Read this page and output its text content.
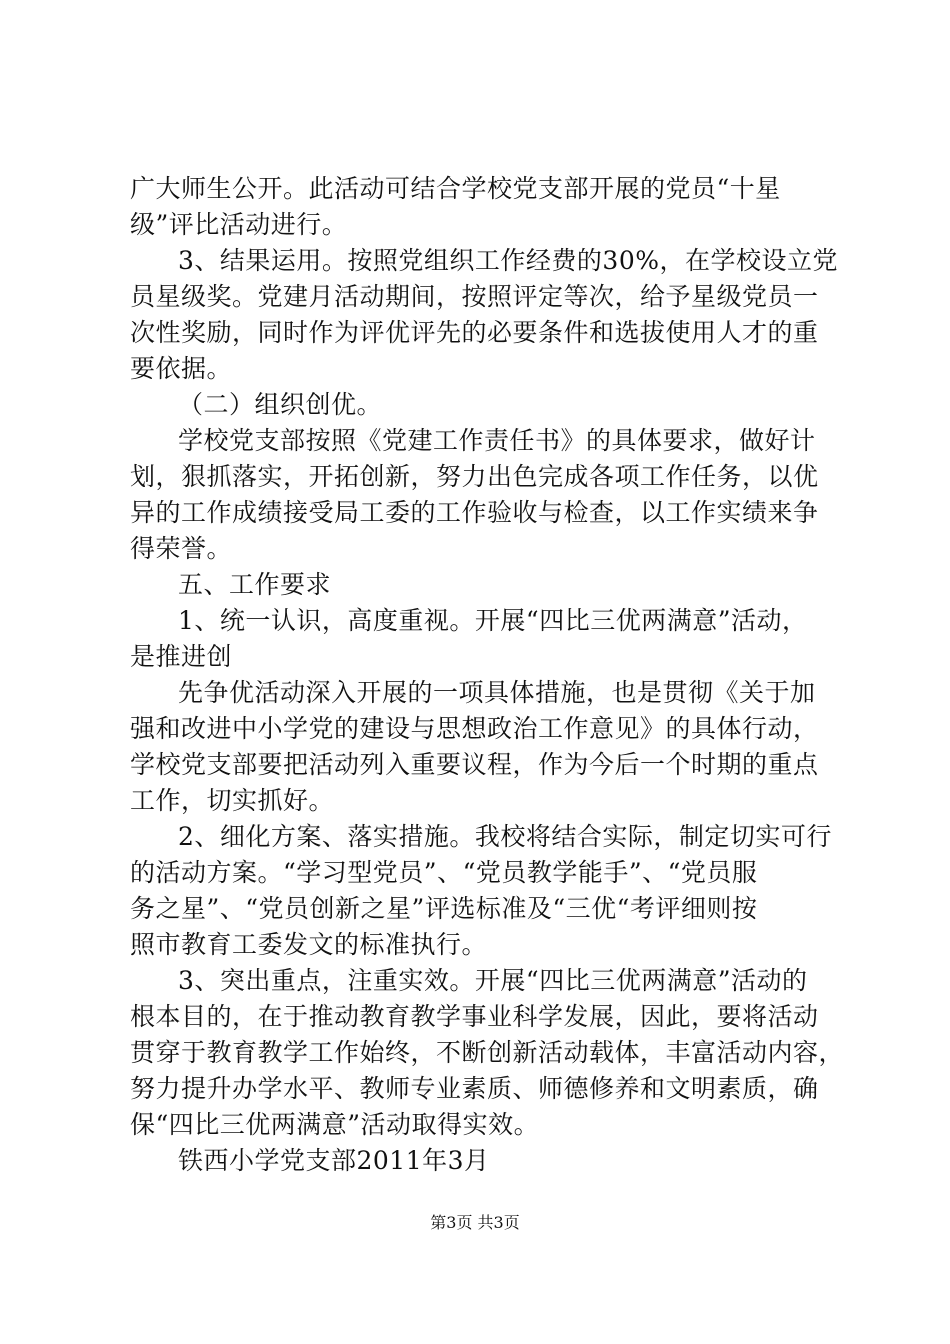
广大师生公开。此活动可结合学校党支部开展的党员“十星
级”评比活动进行。
3、结果运用。按照党组织工作经费的30%，在学校设立党
员星级奖。党建月活动期间，按照评定等次，给予星级党员一
次性奖励，同时作为评优评先的必要条件和选拔使用人才的重
要依据。
（二）组织创优。
学校党支部按照《党建工作责任书》的具体要求，做好计
划，狠抓落实，开拓创新，努力出色完成各项工作任务，以优
异的工作成绩接受局工委的工作验收与检查，以工作实绩来争
得荣誉。
五、工作要求
1、统一认识，高度重视。开展“四比三优两满意”活动，
是推进创
先争优活动深入开展的一项具体措施，也是贯彻《关于加
强和改进中小学党的建设与思想政治工作意见》的具体行动，
学校党支部要把活动列入重要议程，作为今后一个时期的重点
工作，切实抓好。
2、细化方案、落实措施。我校将结合实际，制定切实可行
的活动方案。“学习型党员”、“党员教学能手”、“党员服
务之星”、“党员创新之星”评选标准及“三优“考评细则按
照市教育工委发文的标准执行。
3、突出重点，注重实效。开展“四比三优两满意”活动的
根本目的，在于推动教育教学事业科学发展，因此，要将活动
贯穿于教育教学工作始终，不断创新活动载体，丰富活动内容，
努力提升办学水平、教师专业素质、师德修养和文明素质，确
保“四比三优两满意”活动取得实效。
铁西小学党支部2011年3月
第3页 共3页
